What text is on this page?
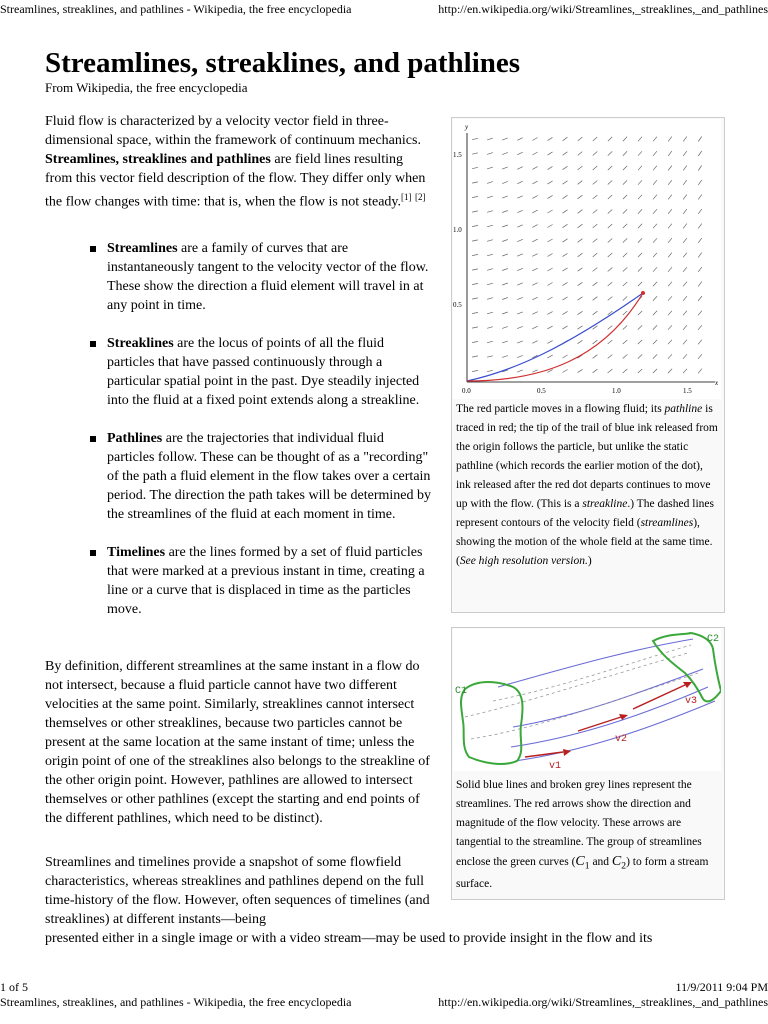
Streamlines, streaklines, and pathlines - Wikipedia, the free encyclopedia	http://en.wikipedia.org/wiki/Streamlines,_streaklines,_and_pathlines
Streamlines, streaklines, and pathlines
From Wikipedia, the free encyclopedia
Fluid flow is characterized by a velocity vector field in three-dimensional space, within the framework of continuum mechanics. Streamlines, streaklines and pathlines are field lines resulting from this vector field description of the flow. They differ only when the flow changes with time: that is, when the flow is not steady.[1] [2]
Streamlines are a family of curves that are instantaneously tangent to the velocity vector of the flow. These show the direction a fluid element will travel in at any point in time.
Streaklines are the locus of points of all the fluid particles that have passed continuously through a particular spatial point in the past. Dye steadily injected into the fluid at a fixed point extends along a streakline.
Pathlines are the trajectories that individual fluid particles follow. These can be thought of as a "recording" of the path a fluid element in the flow takes over a certain period. The direction the path takes will be determined by the streamlines of the fluid at each moment in time.
Timelines are the lines formed by a set of fluid particles that were marked at a previous instant in time, creating a line or a curve that is displaced in time as the particles move.
By definition, different streamlines at the same instant in a flow do not intersect, because a fluid particle cannot have two different velocities at the same point. Similarly, streaklines cannot intersect themselves or other streaklines, because two particles cannot be present at the same location at the same instant of time; unless the origin point of one of the streaklines also belongs to the streakline of the other origin point. However, pathlines are allowed to intersect themselves or other pathlines (except the starting and end points of the different pathlines, which need to be distinct).
Streamlines and timelines provide a snapshot of some flowfield characteristics, whereas streaklines and pathlines depend on the full time-history of the flow. However, often sequences of timelines (and streaklines) at different instants—being
presented either in a single image or with a video stream—may be used to provide insight in the flow and its
y
x
1.5
1.0
0.5
0.0	0.5	1.0	1.5
The red particle moves in a flowing fluid; its pathline is traced in red; the tip of the trail of blue ink released from the origin follows the particle, but unlike the static pathline (which records the earlier motion of the dot), ink released after the red dot departs continues to move up with the flow. (This is a streakline.) The dashed lines represent contours of the velocity field (streamlines), showing the motion of the whole field at the same time. (See high resolution version.)
C1
C2
v1
v2
v3
Solid blue lines and broken grey lines represent the streamlines. The red arrows show the direction and magnitude of the flow velocity. These arrows are tangential to the streamline. The group of streamlines enclose the green curves ($C_1$ and $C_2$) to form a stream surface.
1 of 5	11/9/2011 9:04 PM
Streamlines, streaklines, and pathlines - Wikipedia, the free encyclopedia	http://en.wikipedia.org/wiki/Streamlines,_streaklines,_and_pathlines
